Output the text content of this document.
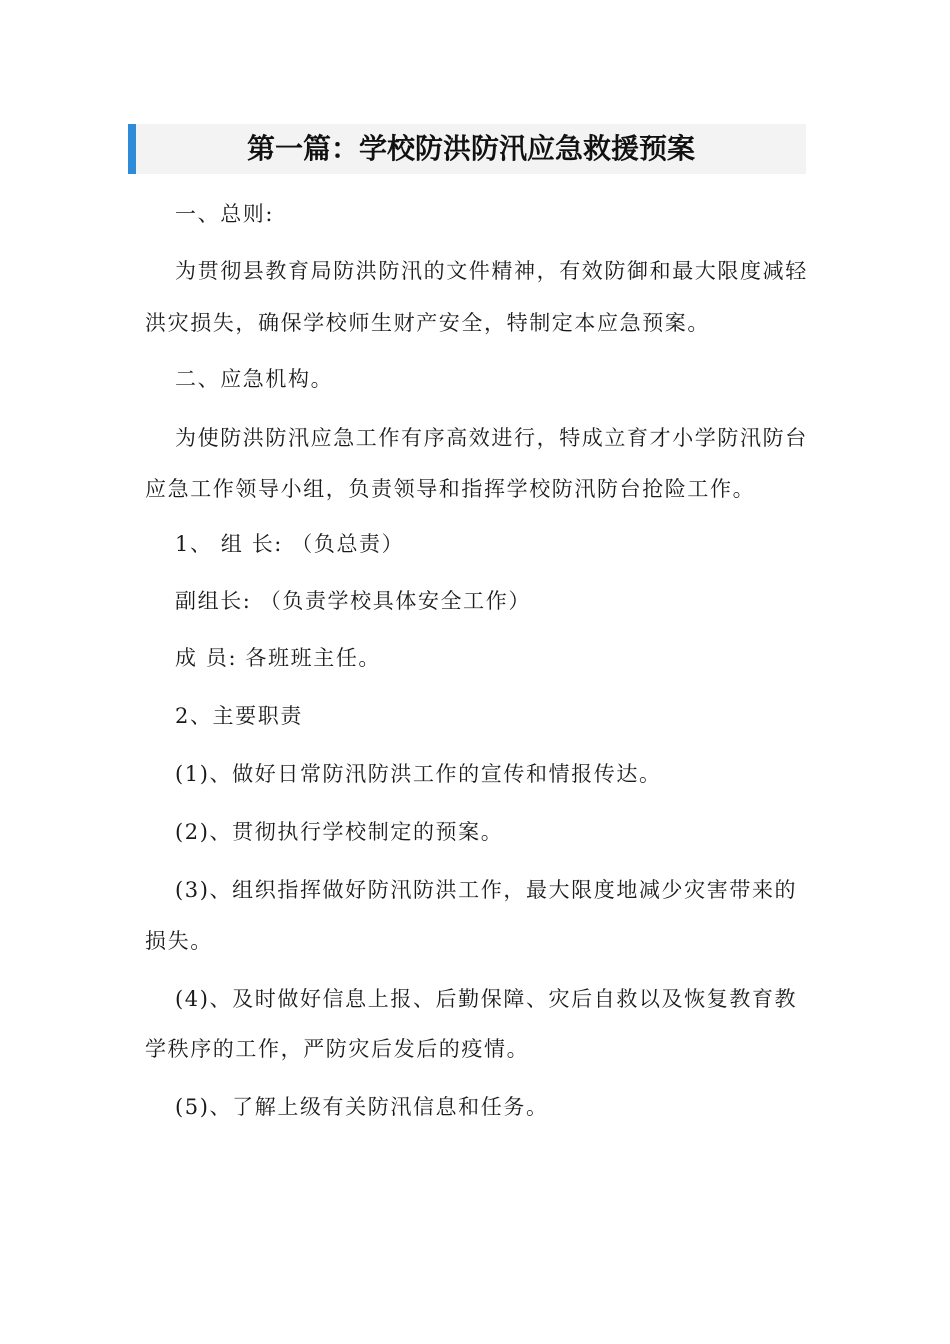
第一篇：学校防洪防汛应急救援预案
一、总则:
为贯彻县教育局防洪防汛的文件精神，有效防御和最大限度减轻
洪灾损失，确保学校师生财产安全，特制定本应急预案。
二、应急机构。
为使防洪防汛应急工作有序高效进行，特成立育才小学防汛防台
应急工作领导小组，负责领导和指挥学校防汛防台抢险工作。
1、 组 长: （负总责）
副组长: （负责学校具体安全工作）
成 员: 各班班主任。
2、主要职责
(1)、做好日常防汛防洪工作的宣传和情报传达。
(2)、贯彻执行学校制定的预案。
(3)、组织指挥做好防汛防洪工作，最大限度地减少灾害带来的
损失。
(4)、及时做好信息上报、后勤保障、灾后自救以及恢复教育教
学秩序的工作，严防灾后发后的疫情。
(5)、了解上级有关防汛信息和任务。
